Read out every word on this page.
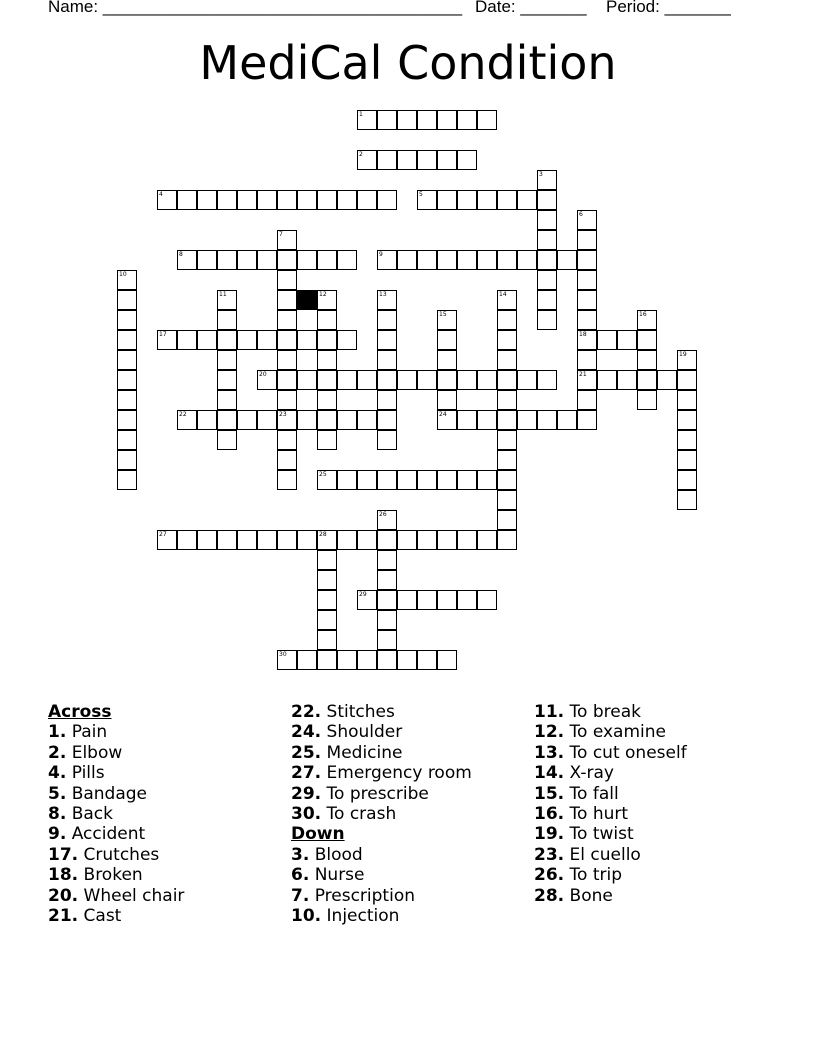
Name: ______________________________________ Date: _______ Period: _______
MediCal Condition
1
2
3
4	5
6
18
21
7
23
8	9
10
11	12	13	14
15
24
16
17
19
20
22
25
26
27	28
29
30
Across
1. Pain
2. Elbow
4. Pills
5. Bandage
8. Back
9. Accident
17. Crutches
18. Broken
20. Wheel chair
21. Cast
22. Stitches
24. Shoulder
25. Medicine
27. Emergency room
29. To prescribe
30. To crash
Down
3. Blood
6. Nurse
7. Prescription
10. Injection
11. To break
12. To examine
13. To cut oneself
14. X-ray
15. To fall
16. To hurt
19. To twist
23. El cuello
26. To trip
28. Bone
